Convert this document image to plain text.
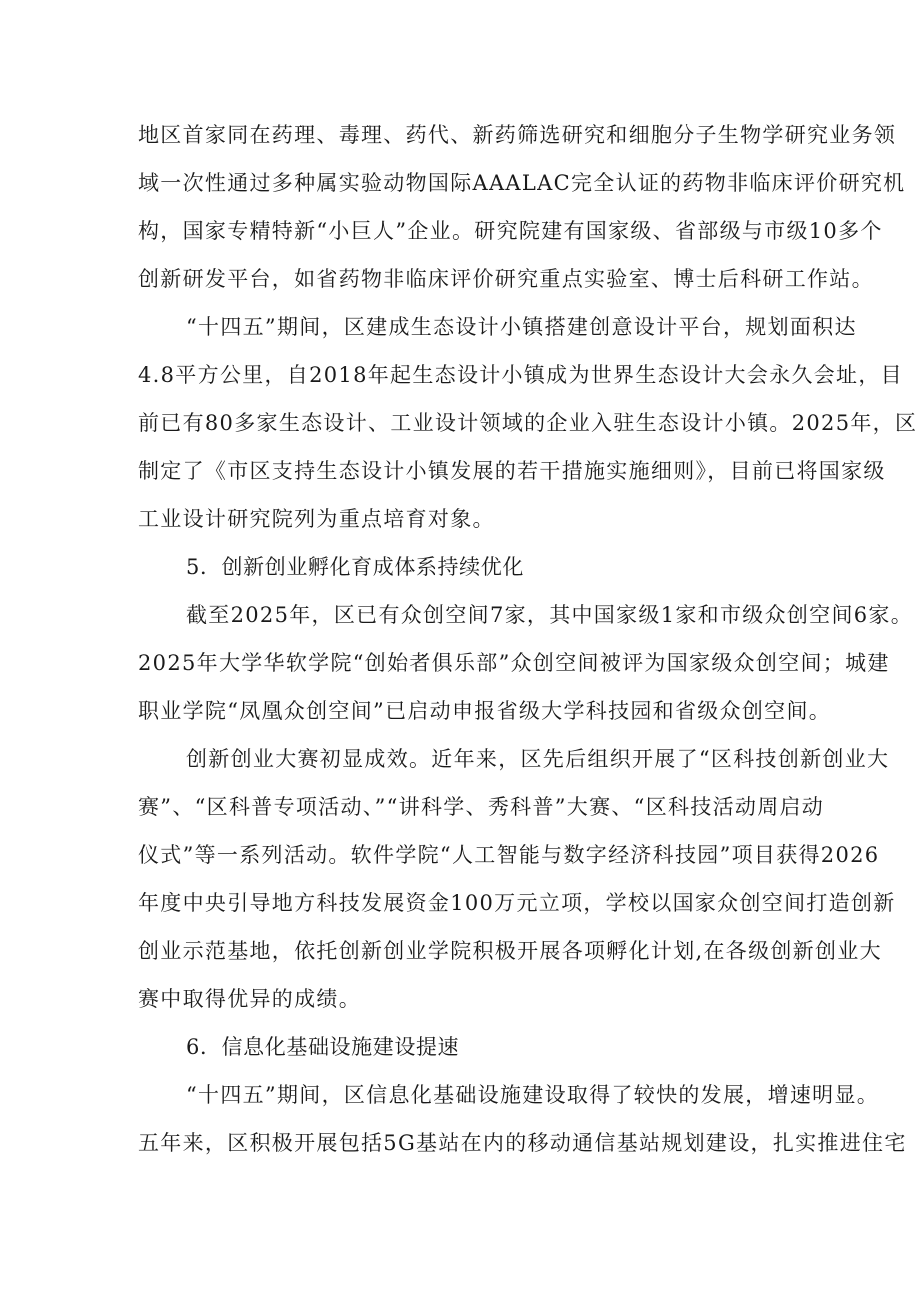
地区首家同在药理、毒理、药代、新药筛选研究和细胞分子生物学研究业务领
域一次性通过多种属实验动物国际AAALAC完全认证的药物非临床评价研究机
构，国家专精特新“小巨人”企业。研究院建有国家级、省部级与市级10多个
创新研发平台，如省药物非临床评价研究重点实验室、博士后科研工作站。
“十四五”期间，区建成生态设计小镇搭建创意设计平台，规划面积达
4.8平方公里，自2018年起生态设计小镇成为世界生态设计大会永久会址，目
前已有80多家生态设计、工业设计领域的企业入驻生态设计小镇。2025年，区
制定了《市区支持生态设计小镇发展的若干措施实施细则》，目前已将国家级
工业设计研究院列为重点培育对象。
5．创新创业孵化育成体系持续优化
截至2025年，区已有众创空间7家，其中国家级1家和市级众创空间6家。
2025年大学华软学院“创始者俱乐部”众创空间被评为国家级众创空间；城建
职业学院“凤凰众创空间”已启动申报省级大学科技园和省级众创空间。
创新创业大赛初显成效。近年来，区先后组织开展了“区科技创新创业大
赛”、“区科普专项活动、”“讲科学、秀科普”大赛、“区科技活动周启动
仪式”等一系列活动。软件学院“人工智能与数字经济科技园”项目获得2026
年度中央引导地方科技发展资金100万元立项，学校以国家众创空间打造创新
创业示范基地，依托创新创业学院积极开展各项孵化计划,在各级创新创业大
赛中取得优异的成绩。
6．信息化基础设施建设提速
“十四五”期间，区信息化基础设施建设取得了较快的发展，增速明显。
五年来，区积极开展包括5G基站在内的移动通信基站规划建设，扎实推进住宅
